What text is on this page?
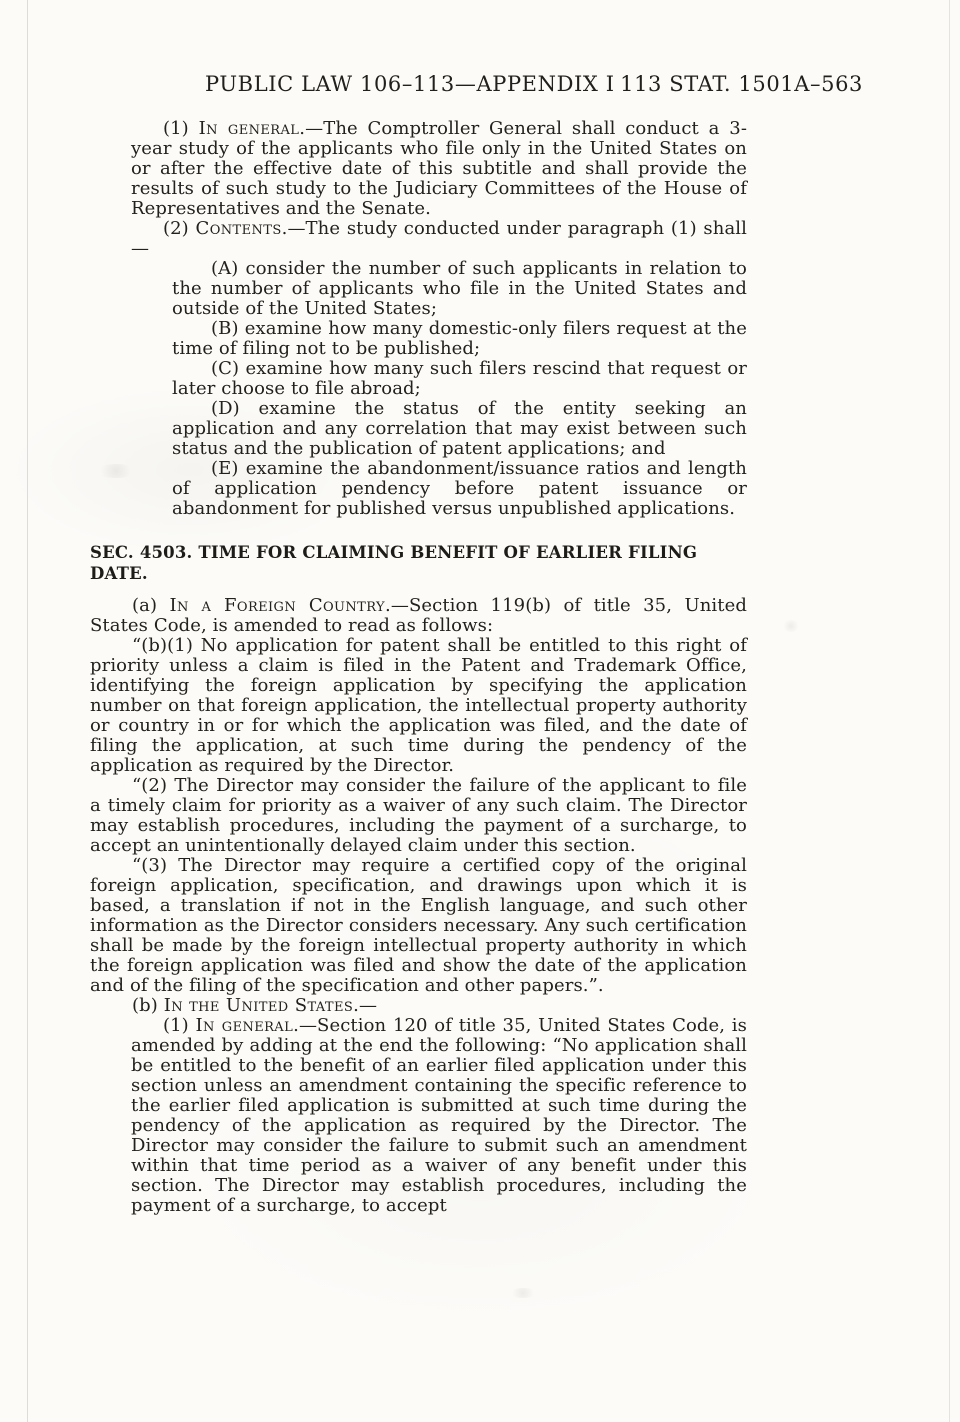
PUBLIC LAW 106–113—APPENDIX I 113 STAT. 1501A–563

(1) In general.—The Comptroller General shall conduct a 3-year study of the applicants who file only in the United States on or after the effective date of this subtitle and shall provide the results of such study to the Judiciary Committees of the House of Representatives and the Senate.

(2) Contents.—The study conducted under paragraph (1) shall—

(A) consider the number of such applicants in relation to the number of applicants who file in the United States and outside of the United States;

(B) examine how many domestic-only filers request at the time of filing not to be published;

(C) examine how many such filers rescind that request or later choose to file abroad;

(D) examine the status of the entity seeking an application and any correlation that may exist between such status and the publication of patent applications; and

(E) examine the abandonment/issuance ratios and length of application pendency before patent issuance or abandonment for published versus unpublished applications.

SEC. 4503. TIME FOR CLAIMING BENEFIT OF EARLIER FILING DATE.

(a) In a Foreign Country.—Section 119(b) of title 35, United States Code, is amended to read as follows:

“(b)(1) No application for patent shall be entitled to this right of priority unless a claim is filed in the Patent and Trademark Office, identifying the foreign application by specifying the application number on that foreign application, the intellectual property authority or country in or for which the application was filed, and the date of filing the application, at such time during the pendency of the application as required by the Director.

“(2) The Director may consider the failure of the applicant to file a timely claim for priority as a waiver of any such claim. The Director may establish procedures, including the payment of a surcharge, to accept an unintentionally delayed claim under this section.

“(3) The Director may require a certified copy of the original foreign application, specification, and drawings upon which it is based, a translation if not in the English language, and such other information as the Director considers necessary. Any such certification shall be made by the foreign intellectual property authority in which the foreign application was filed and show the date of the application and of the filing of the specification and other papers.”.

(b) In the United States.—

(1) In general.—Section 120 of title 35, United States Code, is amended by adding at the end the following: “No application shall be entitled to the benefit of an earlier filed application under this section unless an amendment containing the specific reference to the earlier filed application is submitted at such time during the pendency of the application as required by the Director. The Director may consider the failure to submit such an amendment within that time period as a waiver of any benefit under this section. The Director may establish procedures, including the payment of a surcharge, to accept
